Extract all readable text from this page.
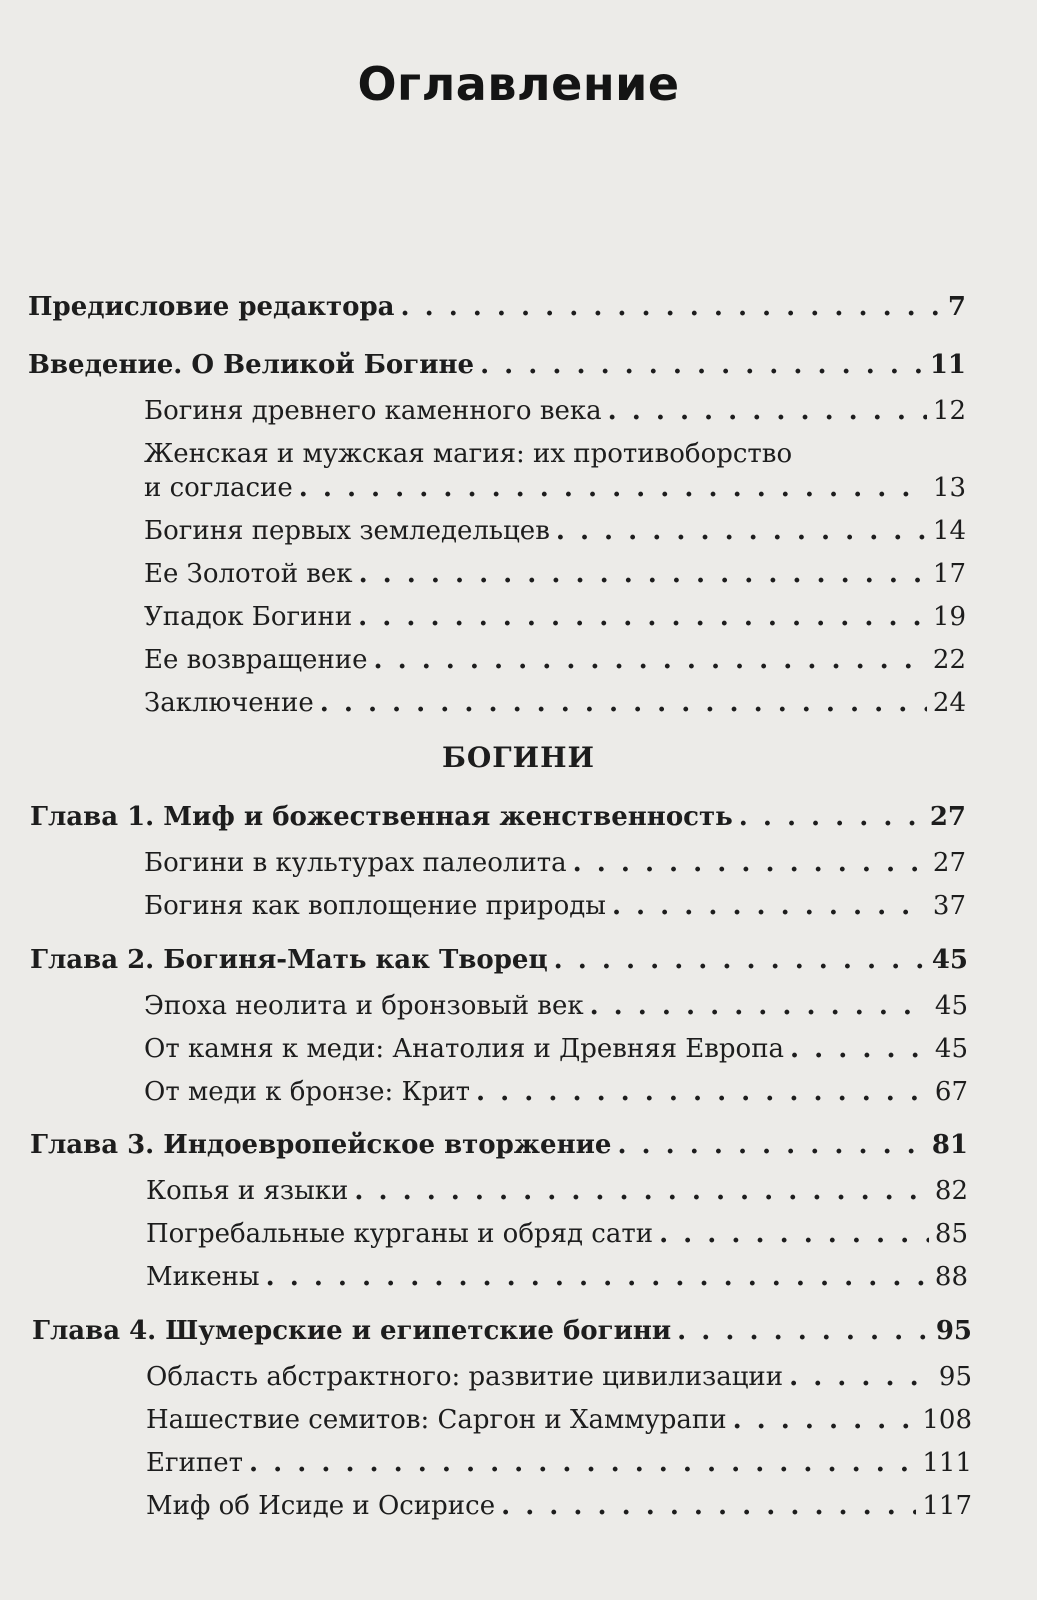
Оглавление
Предисловие редактора . . .	7
Введение. О Великой Богине . . .	11
Богиня древнего каменного века . . .	12
Женская и мужская магия: их противоборство
и согласие . . .	13
Богиня первых земледельцев . . .	14
Ее Золотой век . . .	17
Упадок Богини . . .	19
Ее возвращение . . .	22
Заключение . . .	24
БОГИНИ
Глава 1. Миф и божественная женственность . . .	27
Богини в культурах палеолита . . .	27
Богиня как воплощение природы . . .	37
Глава 2. Богиня-Мать как Творец . . .	45
Эпоха неолита и бронзовый век . . .	45
От камня к меди: Анатолия и Древняя Европа . . .	45
От меди к бронзе: Крит . . .	67
Глава 3. Индоевропейское вторжение . . .	81
Копья и языки . . .	82
Погребальные курганы и обряд сати . . .	85
Микены . . .	88
Глава 4. Шумерские и египетские богини . . .	95
Область абстрактного: развитие цивилизации . . .	95
Нашествие семитов: Саргон и Хаммурапи . . .	108
Египет . . .	111
Миф об Исиде и Осирисе . . .	117
